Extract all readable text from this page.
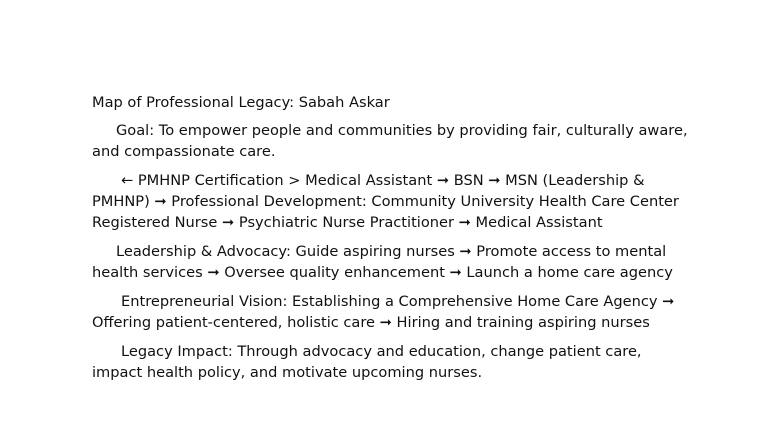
Map of Professional Legacy: Sabah Askar

Goal: To empower people and communities by providing fair, culturally aware, and compassionate care.

← PMHNP Certification > Medical Assistant ➞ BSN ➞ MSN (Leadership & PMHNP) ➞ Professional Development: Community University Health Care Center Registered Nurse ➞ Psychiatric Nurse Practitioner ➞ Medical Assistant

Leadership & Advocacy: Guide aspiring nurses ➞ Promote access to mental health services ➞ Oversee quality enhancement ➞ Launch a home care agency

Entrepreneurial Vision: Establishing a Comprehensive Home Care Agency ➞ Offering patient-centered, holistic care ➞ Hiring and training aspiring nurses

Legacy Impact: Through advocacy and education, change patient care, impact health policy, and motivate upcoming nurses.
